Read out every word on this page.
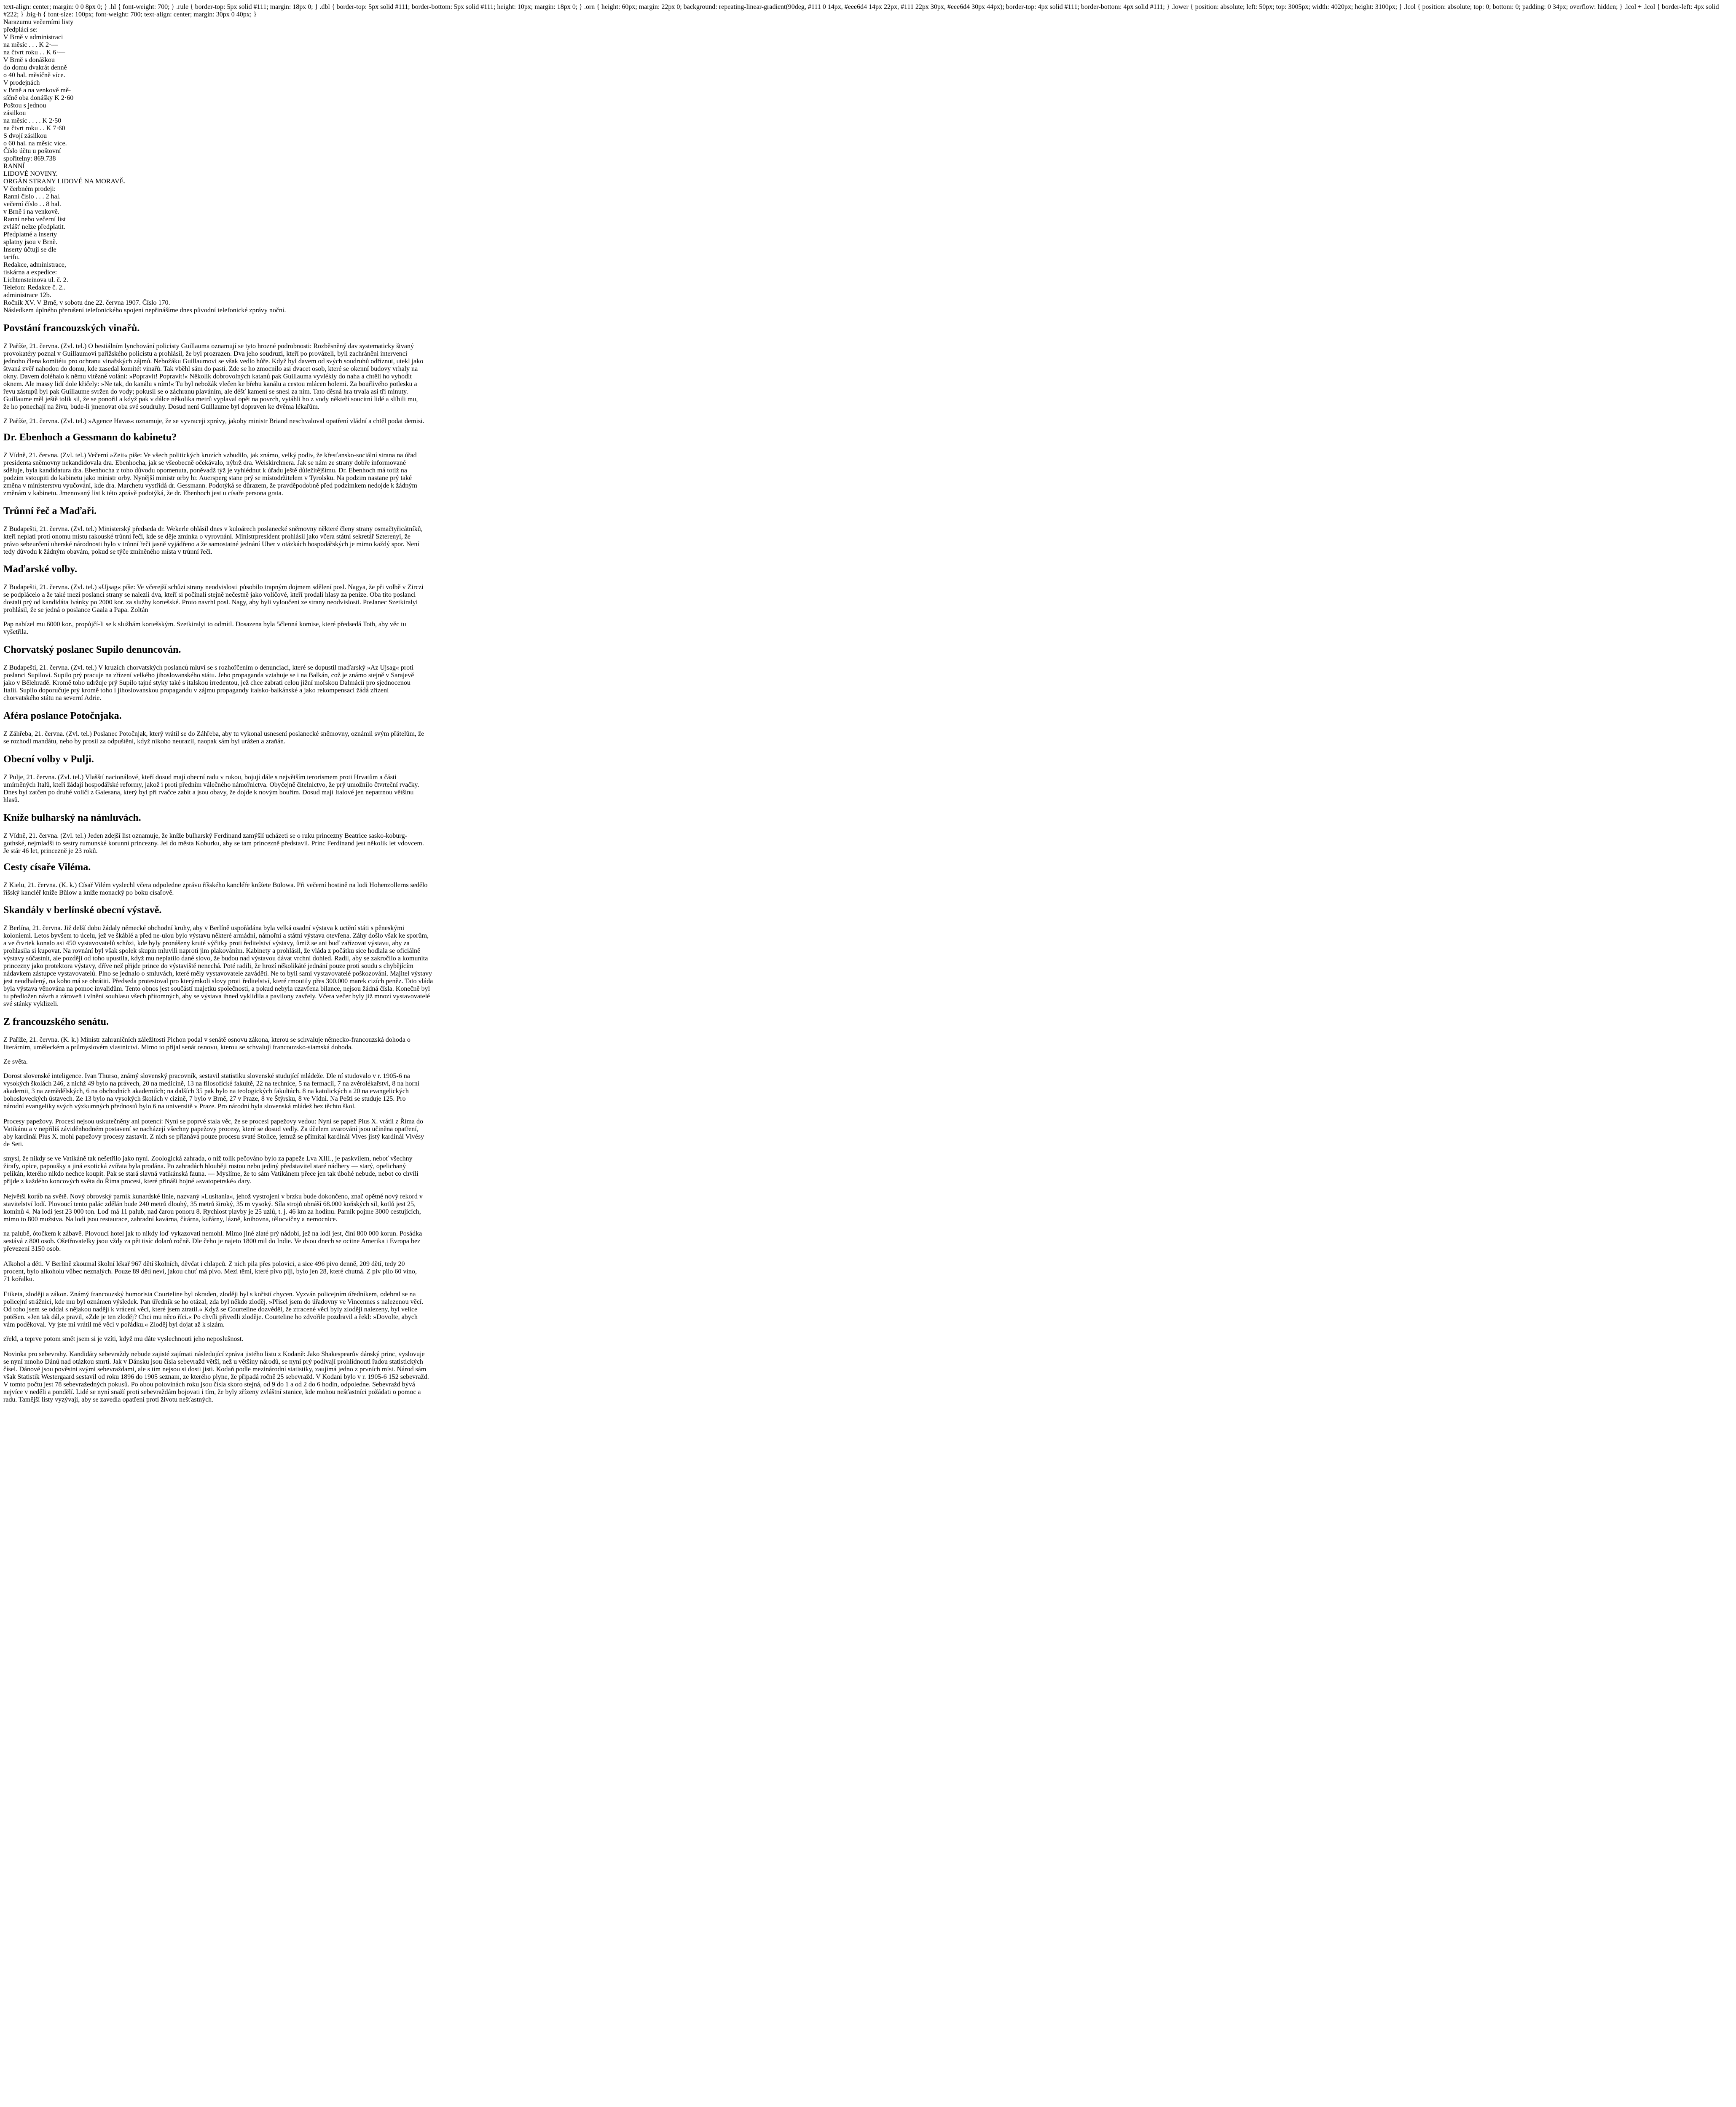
text-align: center; margin: 0 0 8px 0; } .hl { font-weight: 700; } .rule { border-top: 5px solid #111; margin: 18px 0; } .dbl { border-top: 5px solid #111; border-bottom: 5px solid #111; height: 10px; margin: 18px 0; } .orn { height: 60px; margin: 22px 0; background: repeating-linear-gradient(90deg, #111 0 14px, #eee6d4 14px 22px, #111 22px 30px, #eee6d4 30px 44px); border-top: 4px solid #111; border-bottom: 4px solid #111; } .lower { position: absolute; left: 50px; top: 3005px; width: 4020px; height: 3100px; } .lcol { position: absolute; top: 0; bottom: 0; padding: 0 34px; overflow: hidden; } .lcol + .lcol { border-left: 4px solid #222; } .big-h { font-size: 100px; font-weight: 700; text-align: center; margin: 30px 0 40px; }
Narazumu večerními listy
předplácí se:
V Brně v administraci
na měsíc . . . K 2·—
na čtvrt roku . . K 6·—
V Brně s donáškou
do domu dvakrát denně
o 40 hal. měsíčně více.
V prodejnách
v Brně a na venkově mě-
síčně oba donášky K 2·60
Poštou s jednou
zásilkou
na měsíc . . . . K 2·50
na čtvrt roku . . K 7·60
S dvojí zásilkou
o 60 hal. na měsíc více.
Číslo účtu u poštovní
spořitelny: 869.738
RANNÍ
LIDOVÉ NOVINY.
ORGÁN STRANY LIDOVÉ NA MORAVĚ.
V čerbném prodeji:
Ranní číslo . . . 2 hal.
večerní číslo . . 8 hal.
v Brně i na venkově.
Ranní nebo večerní list
zvlášť nelze předplatit.
Předplatné a inserty
splatny jsou v Brně.
Inserty účtují se dle
tarifu.
Redakce, administrace,
tiskárna a expedice:
Lichtensteinova ul. č. 2.
Telefon: Redakce č. 2..
administrace 12b.
Ročník XV. V Brně, v sobotu dne 22. června 1907. Číslo 170.
Následkem úplného přerušení telefonického spojení nepřinášíme dnes původní telefonické zprávy noční.
Povstání francouzských vinařů.

Z Paříže, 21. června. (Zvl. tel.) O bestiálním lynchování policisty Guillauma oznamují se tyto hrozné podrobnosti: Rozběsněný dav systematicky štvaný provokatéry poznal v Guillaumovi pařížského policistu a prohlásil, že byl prozrazen. Dva jeho soudruzi, kteří po provázeli, byli zachráněni intervencí jednoho člena komitétu pro ochranu vinařských zájmů. Nebožáku Guillaumovi se však vedlo hůře. Když byl davem od svých soudruhů odříznut, utekl jako štvaná zvěř nahodou do domu, kde zasedal komitét vinařů. Tak vběhl sám do pasti. Zde se ho zmocnilo asi dvacet osob, které se okenní budovy vrhaly na okny. Davem doléhalo k němu vítězné volání: »Popravit! Popravit!« Několik dobrovolných katanů pak Guillauma vyvlékly do naha a chtěli ho vyhodit oknem. Ale massy lidí dole křičely: »Ne tak, do kanálu s ním!« Tu byl nebožák vlečen ke břehu kanálu a cestou mlácen holemi. Za bouřlivého potlesku a řevu zástupů byl pak Guillaume svržen do vody; pokusil se o záchranu plaváním, ale déšť kamení se snesl za ním. Tato děsná hra trvala asi tři minuty. Guillaume měl ještě tolik sil, že se ponořil a když pak v dálce několika metrů vyplaval opět na povrch, vytáhli ho z vody někteří soucitní lidé a slíbili mu, že ho ponechají na živu, bude-li jmenovat oba své soudruhy. Dosud není Guillaume byl dopraven ke dvěma lékařům.

Z Paříže, 21. června. (Zvl. tel.) »Agence Havas« oznamuje, že se vyvraceji zprávy, jakoby ministr Briand neschvaloval opatření vládní a chtěl podat demisi.

Dr. Ebenhoch a Gessmann do kabinetu?

Z Vídně, 21. června. (Zvl. tel.) Večerní »Zeit« píše: Ve všech politických kruzích vzbudilo, jak známo, velký podiv, že křesťansko-sociální strana na úřad presidenta sněmovny nekandidovala dra. Ebenhocha, jak se všeobecně očekávalo, nýbrž dra. Weiskirchnera. Jak se nám ze strany dobře informované sděluje, byla kandidatura dra. Ebenhocha z toho důvodu opomenuta, poněvadž týž je vyhlédnut k úřadu ještě důležitějšímu. Dr. Ebenhoch má totiž na podzim vstoupiti do kabinetu jako ministr orby. Nynější ministr orby hr. Auersperg stane prý se místodržitelem v Tyrolsku. Na podzim nastane prý také změna v ministerstvu vyučování, kde dra. Marchetu vystřídá dr. Gessmann. Podotýká se důrazem, že pravděpodobně před podzimkem nedojde k žádným změnám v kabinetu. Jmenovaný list k této zprávě podotýká, že dr. Ebenhoch jest u císaře persona grata.

Trůnní řeč a Maďaři.

Z Budapešti, 21. června. (Zvl. tel.) Ministerský předseda dr. Wekerle ohlásil dnes v kuloárech poslanecké sněmovny některé členy strany osmačtyřicátníků, kteří neplatí proti onomu místu rakouské trůnní řeči, kde se děje zmínka o vyrovnání. Ministrpresident prohlásil jako včera státní sekretář Szterenyi, že právo sebeurčení uherské národnosti bylo v trůnní řeči jasně vyjádřeno a že samostatné jednání Uher v otázkách hospodářských je mimo každý spor. Není tedy důvodu k žádným obavám, pokud se týče zmíněného místa v trůnní řeči.

Maďarské volby.

Z Budapešti, 21. června. (Zvl. tel.) »Ujsag« píše: Ve včerejší schůzi strany neodvislosti působilo trapným dojmem sdělení posl. Nagya, že při volbě v Zirczi se podplácelo a že také mezi poslanci strany se nalezli dva, kteří si počínali stejně nečestně jako voličové, kteří prodali hlasy za peníze. Oba tito poslanci dostali prý od kandidáta Ivánky po 2000 kor. za služby kortešské. Proto navrhl posl. Nagy, aby byli vyloučeni ze strany neodvislosti. Poslanec Szetkiralyi prohlásil, že se jedná o poslance Gaala a Papa. Zoltán

Pap nabízel mu 6000 kor., propůjčí-li se k službám kortešským. Szetkiralyi to odmítl. Dosazena byla 5členná komise, které předsedá Toth, aby věc tu vyšetřila.

Chorvatský poslanec Supilo denuncován.

Z Budapešti, 21. června. (Zvl. tel.) V kruzích chorvatských poslanců mluví se s rozhořčením o denunciaci, které se dopustil maďarský »Az Ujsag« proti poslanci Supilovi. Supilo prý pracuje na zřízení velkého jihoslovanského státu. Jeho propaganda vztahuje se i na Balkán, což je známo stejně v Sarajevě jako v Bělehradě. Kromě toho udržuje prý Supilo tajné styky také s italskou irredentou, jež chce zabrati celou jižní mořskou Dalmácii pro sjednocenou Italii. Supilo doporučuje prý kromě toho i jihoslovanskou propagandu v zájmu propagandy italsko-balkánské a jako rekompensaci žádá zřízení chorvatského státu na severní Adrie.

Aféra poslance Potočnjaka.

Z Záhřeba, 21. června. (Zvl. tel.) Poslanec Potočnjak, který vrátil se do Záhřeba, aby tu vykonal usnesení poslanecké sněmovny, oznámil svým přátelům, že se rozhodl mandátu, nebo by prosil za odpuštění, když nikoho neurazil, naopak sám byl urážen a zraňán.

Obecní volby v Pulji.

Z Pulje, 21. června. (Zvl. tel.) Vlašští nacionálové, kteří dosud mají obecní radu v rukou, bojují dále s největším terorismem proti Hrvatům a části umírněných Italů, kteří žádají hospodářské reformy, jakož i proti předním válečného námořnictva. Obyčejně čitelnictvo, že prý umožnilo čtvrteční rvačky. Dnes byl zatčen po druhé voliči z Galesana, který byl při rvačce zabit a jsou obavy, že dojde k novým bouřím. Dosud mají Italové jen nepatrnou většinu hlasů.

Kníže bulharský na námluvách.

Z Vídně, 21. června. (Zvl. tel.) Jeden zdejší list oznamuje, že kníže bulharský Ferdinand zamýšlí ucházeti se o ruku princezny Beatrice sasko-koburg-gothské, nejmladší to sestry rumunské korunní princezny. Jel do města Koburku, aby se tam princezně představil. Princ Ferdinand jest několik let vdovcem. Je stár 46 let, princezně je 23 roků.

Cesty císaře Viléma.

Z Kielu, 21. června. (K. k.) Císař Vilém vyslechl včera odpoledne zprávu říšského kancléře knížete Bülowa. Při večerní hostině na lodi Hohenzollerns sedělo říšský kancléř kníže Bülow a kníže monacký po boku císařově.

Skandály v berlínské obecní výstavě.

Z Berlína, 21. června. Již delší dobu žádaly německé obchodní kruhy, aby v Berlíně uspořádána byla velká osadní výstava k uctění státi s pěneskými koloniemi. Letos byvšem to úcelu, jež ve škáblé a před ne-ulou bylo výstavu některé armádní, námořní a státní výstava otevřena. Záhy došlo však ke sporům, a ve čtvrtek konalo asi 450 vystavovatelů schůzi, kde byly pronášeny kruté výčitky proti ředitelství výstavy, ůmiž se ani buď zařízovat výstavu, aby za prohlasila si kupovat. Na rovnání byl však spolek skupin mluvili naproti jim plakováním. Kabinety a prohlásil, že vláda z počátku sice hodlala se oficiálně výstavy súčastnit, ale později od toho upustila, když mu neplatilo dané slovo, že budou nad výstavou dávat vrchní dohled. Radil, aby se zakročilo a komunita princezny jako protektora výstavy, dříve než přijde prince do výstaviště nenechá. Poté radili, že hrozí několikáté jednání pouze proti soudu s chybějícím nádavkem zástupce vystavovatelů. Plno se jednalo o smluvách, které měly vystavovatele zaváděti. Ne to byli sami vystavovatelé poškozováni. Majitel výstavy jest neodhalený, na koho má se obrátiti. Předseda protestoval pro kterýmkoli slovy proti ředitelství, které rmoutily přes 300.000 marek cizích peněz. Tato vláda byla výstava věnována na pomoc invalidům. Tento obnos jest součástí majetku společnosti, a pokud nebyla uzavřena bilance, nejsou žádná čísla. Konečně byl tu předložen návrh a zároveň i vlnění souhlasu všech přítomných, aby se výstava ihned vyklidila a pavilony zavřely. Včera večer byly již mnozí vystavovatelé své stánky vyklizeli.

Z francouzského senátu.

Z Paříže, 21. června. (K. k.) Ministr zahraničních záležitostí Pichon podal v senátě osnovu zákona, kterou se schvaluje německo-francouzská dohoda o literárním, uměleckém a průmyslovém vlastnictví. Mimo to přijal senát osnovu, kterou se schvalují francouzsko-siamská dohoda.

Ze světa.

Dorost slovenské inteligence. Ivan Thurso, známý slovenský pracovník, sestavil statistiku slovenské studující mládeže. Dle ní studovalo v r. 1905-6 na vysokých školách 246, z nichž 49 bylo na právech, 20 na medicíně, 13 na filosofické fakultě, 22 na technice, 5 na fermacii, 7 na zvěrolékařství, 8 na horní akademii, 3 na zemědělských, 6 na obchodních akademiích; na dalších 35 pak bylo na teologických fakultách. 8 na katolických a 20 na evangelických bohosloveckých ústavech. Ze 13 bylo na vysokých školách v cizině, 7 bylo v Brně, 27 v Praze, 8 ve Štýrsku, 8 ve Vídni. Na Pešti se studuje 125. Pro národní evangelíky svých výzkumných přednostů bylo 6 na universitě v Praze. Pro národní byla slovenská mládež bez těchto škol.

Procesy papežovy. Procesi nejsou uskutečněny ani potencí: Nyní se poprvé stala věc, že se procesi papežovy vedou: Nyní se papež Pius X. vrátil z Říma do Vatikánu a v nepříliš záviděnhodném postavení se nacházejí všechny papežovy procesy, které se dosud vedly. Za účelem uvarování jsou učiněna opatření, aby kardinál Pius X. mohl papežovy procesy zastavit. Z nich se přiznává pouze procesu svaté Stolice, jemuž se přimítal kardinál Vives jistý kardinál Vivésy de Seti.

smysl, že nikdy se ve Vatikáně tak nešetřilo jako nyní. Zoologická zahrada, o níž tolik pečováno bylo za papeže Lva XIII., je paskvilem, neboť všechny žirafy, opice, papoušky a jiná exotická zvířata byla prodána. Po zahradách hlouběji rostou nebo jediný představitel staré nádhery — starý, opelichaný pelikán, kterého nikdo nechce koupit. Pak se stará slavná vatikánská fauna. — Myslíme, že to sám Vatikánem přece jen tak úbohé nebude, nebot co chvíli přijde z každého koncových světa do Říma procesí, které přináší hojné »svatopetrské« dary.

Největší koráb na světě. Nový obrovský parník kunardské linie, nazvaný »Lusitania«, jehož vystrojení v brzku bude dokončeno, znač opětné nový rekord v stavitelství lodí. Plovoucí tento palác zdělán bude 240 metrů dlouhý, 35 metrů široký, 35 m vysoký. Síla strojů obnáší 68.000 koňských sil, kotlů jest 25, komínů 4. Na lodi jest 23 000 ton. Loď má 11 palub, nad čarou ponoru 8. Rychlost plavby je 25 uzlů, t. j. 46 km za hodinu. Parník pojme 3000 cestujících, mimo to 800 mužstva. Na lodi jsou restaurace, zahradní kavárna, čítárna, kuřárny, lázně, knihovna, tělocvičny a nemocnice.

na palubě, ótočkem k zábavě. Plovoucí hotel jak to nikdy loď vykazovati nemohl. Mimo jiné zlaté prý nádobí, jež na lodi jest, činí 800 000 korun. Posádka sestává z 800 osob. Ošetřovatelky jsou vždy za pět tisíc dolarů ročně. Dle čeho je najeto 1800 mil do Indie. Ve dvou dnech se ocitne Amerika i Evropa bez převezení 3150 osob.

Alkohol a děti. V Berlíně zkoumal školní lékař 967 dětí školních, děvčat i chlapců. Z nich pila přes polovici, a sice 496 pivo denně, 209 dětí, tedy 20 procent, bylo alkoholu vůbec neznalých. Pouze 89 dětí neví, jakou chuť má pivo. Mezi těmi, které pivo pijí, bylo jen 28, které chutná. Z piv pilo 60 víno, 71 kořalku.

Etiketa, zloději a zákon. Známý francouzský humorista Courteline byl okraden, zloději byl s kořistí chycen. Vyzván policejním úředníkem, odebral se na policejní strážnici, kde mu byl oznámen výsledek. Pan úředník se ho otázal, zda byl někdo zloděj. »Přisel jsem do úřadovny ve Vincennes s nalezenou věcí. Od toho jsem se oddal s nějakou nadějí k vrácení věci, které jsem ztratil.« Když se Courteline dozvěděl, že ztracené věci byly zloději nalezeny, byl velice potěšen. »Jen tak dál,« pravil, »Zde je ten zloděj? Chci mu něco říci.« Po chvíli přivedli zloděje. Courteline ho zdvořile pozdravil a řekl: »Dovolte, abych vám poděkoval. Vy jste mi vrátil mé věci v pořádku.« Zloděj byl dojat až k slzám.

zřekl, a teprve potom smět jsem si je vzíti, když mu dáte vyslechnouti jeho neposlušnost.

Novinka pro sebevrahy. Kandidáty sebevraždy nebude zajisté zajímati následující zpráva jistého listu z Kodaně: Jako Shakespearův dánský princ, vyslovuje se nyní mnoho Dánů nad otázkou smrti. Jak v Dánsku jsou čísla sebevražd větší, než u většiny národů, se nyní prý podívají prohlídnouti řadou statistických čísel. Dánové jsou pověstni svými sebevraždami, ale s tím nejsou si dosti jisti. Kodaň podle mezinárodní statistiky, zaujímá jedno z prvních míst. Národ sám však Statistik Westergaard sestavil od roku 1896 do 1905 seznam, ze kterého plyne, že připadá ročně 25 sebevražd. V Kodani bylo v r. 1905-6 152 sebevražd. V tomto počtu jest 78 sebevražedných pokusů. Po obou polovinách roku jsou čísla skoro stejná, od 9 do 1 a od 2 do 6 hodin, odpoledne. Sebevražd bývá nejvíce v neděli a pondělí. Lidé se nyní snaží proti sebevraždám bojovati i tím, že byly zřízeny zvláštní stanice, kde mohou nešťastníci požádati o pomoc a radu. Tamější listy vyzývají, aby se zavedla opatření proti životu nešťastných.
